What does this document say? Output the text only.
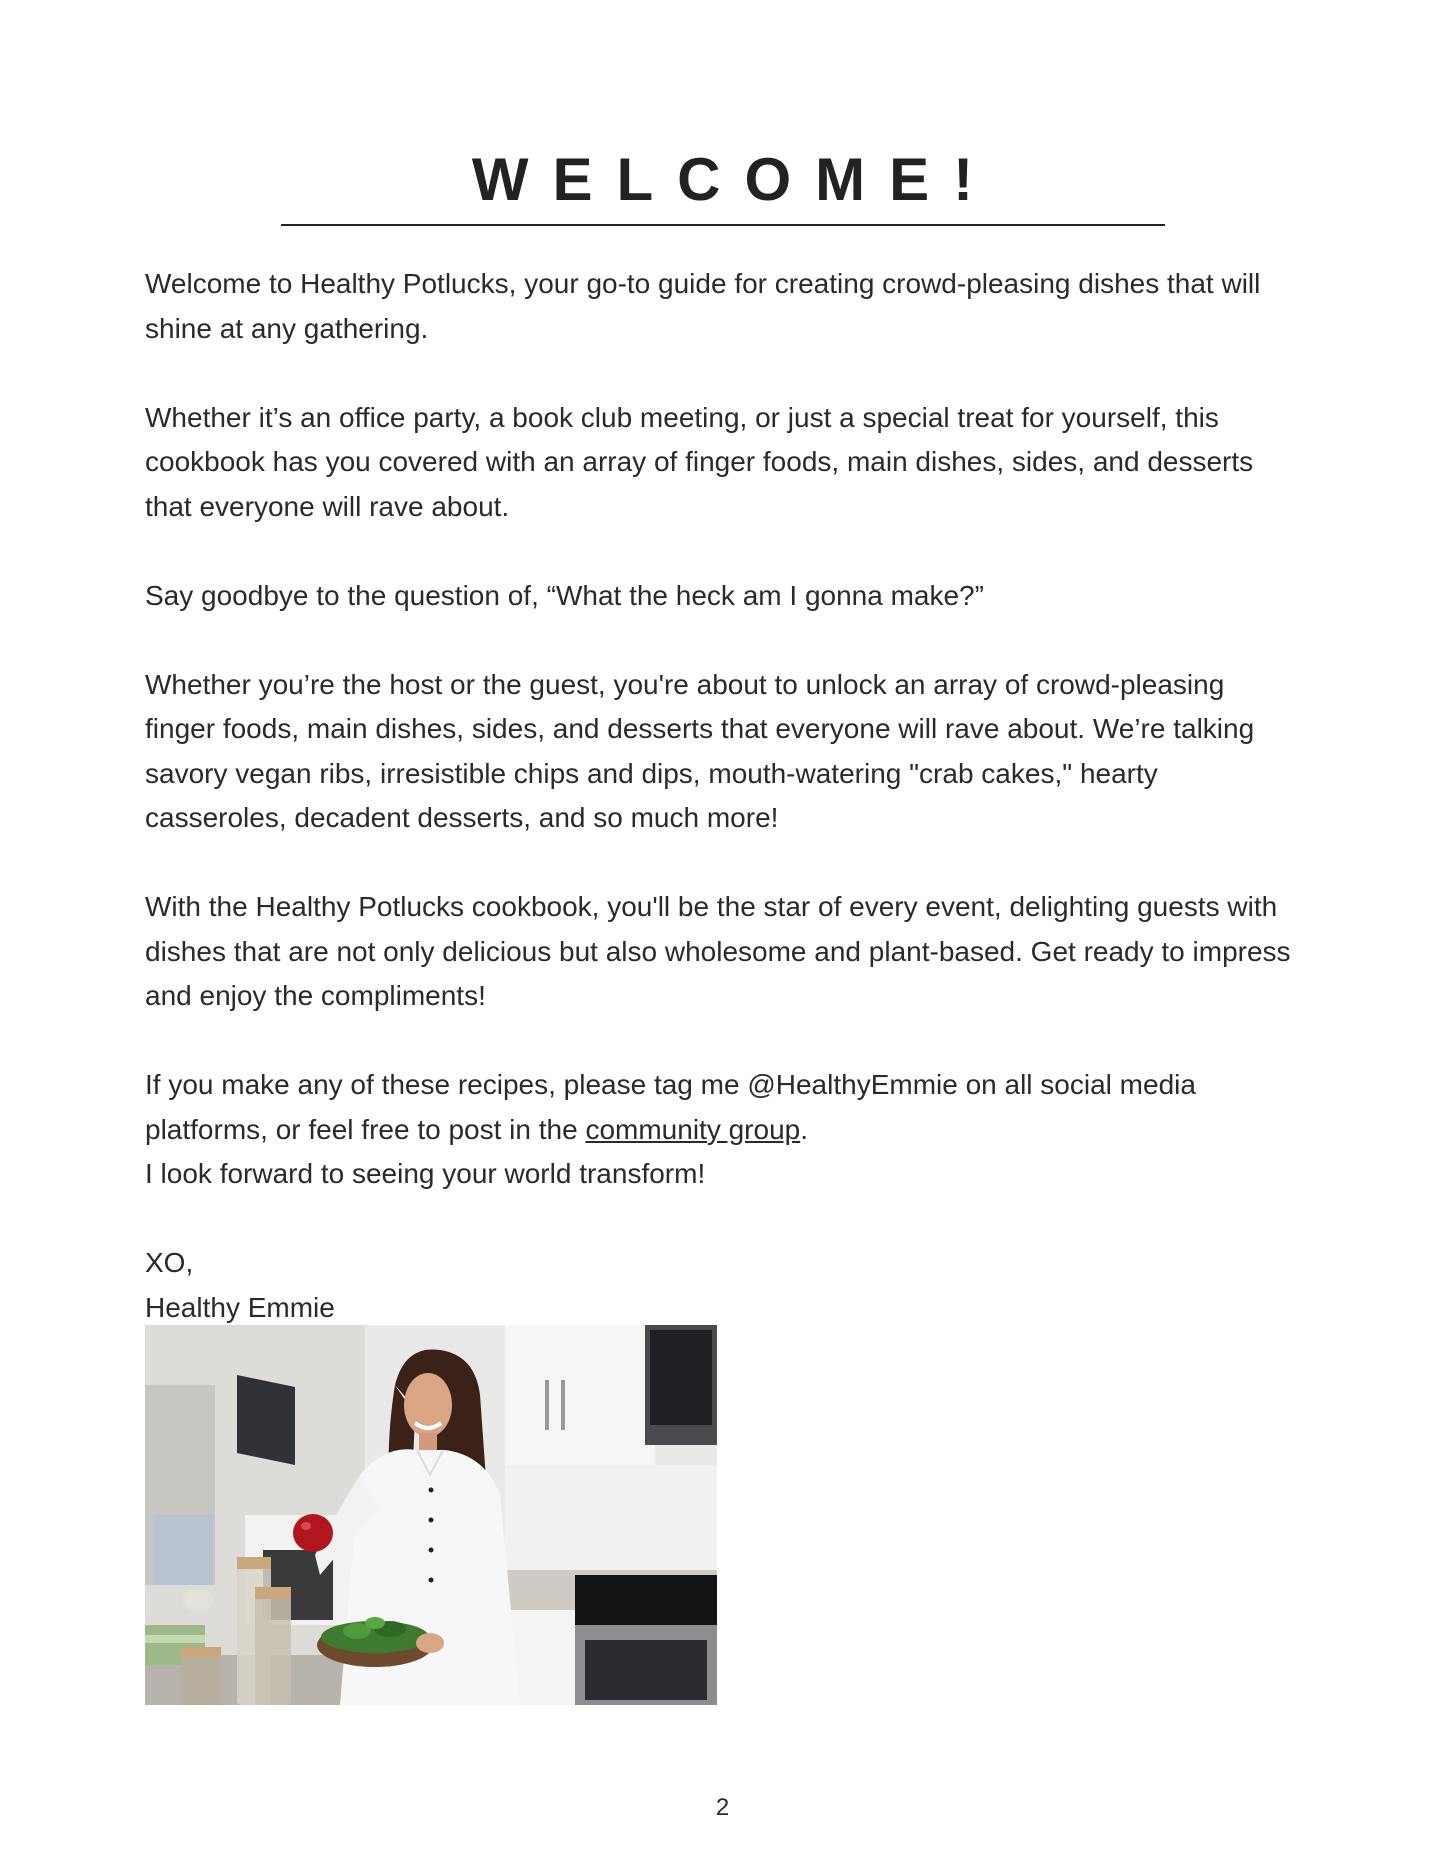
WELCOME!

Welcome to Healthy Potlucks, your go-to guide for creating crowd-pleasing dishes that will shine at any gathering.

Whether it’s an office party, a book club meeting, or just a special treat for yourself, this cookbook has you covered with an array of finger foods, main dishes, sides, and desserts that everyone will rave about.

Say goodbye to the question of, “What the heck am I gonna make?”

Whether you’re the host or the guest, you're about to unlock an array of crowd-pleasing finger foods, main dishes, sides, and desserts that everyone will rave about. We’re talking savory vegan ribs, irresistible chips and dips, mouth-watering "crab cakes," hearty casseroles, decadent desserts, and so much more!

With the Healthy Potlucks cookbook, you'll be the star of every event, delighting guests with dishes that are not only delicious but also wholesome and plant-based. Get ready to impress and enjoy the compliments!

If you make any of these recipes, please tag me @HealthyEmmie on all social media platforms, or feel free to post in the community group.
I look forward to seeing your world transform!

XO,

Healthy Emmie

2
